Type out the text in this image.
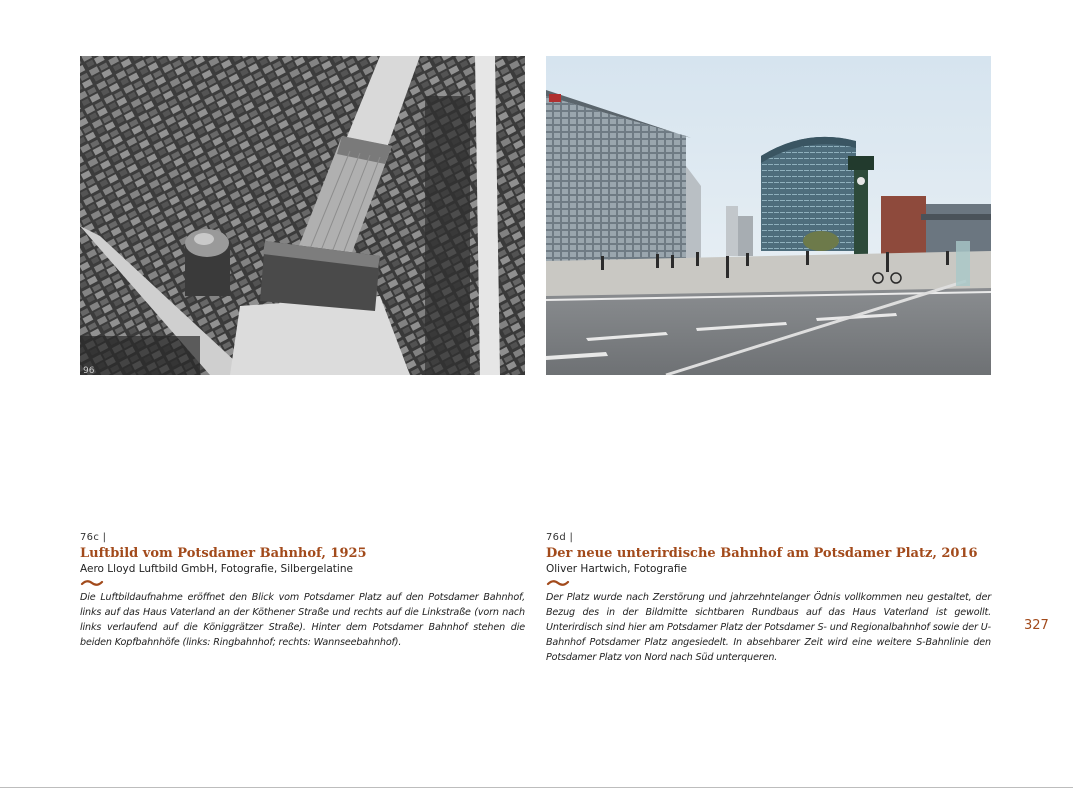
96
76c |
Luftbild vom Potsdamer Bahnhof, 1925
Aero Lloyd Luftbild GmbH, Fotografie, Silbergelatine
Die Luftbildaufnahme eröffnet den Blick vom Potsdamer Platz auf den Potsdamer Bahnhof, links auf das Haus Vaterland an der Köthener Straße und rechts auf die Linkstraße (vorn nach links verlaufend auf die Königgrätzer Straße). Hinter dem Potsdamer Bahnhof stehen die beiden Kopfbahnhöfe (links: Ringbahnhof; rechts: Wannseebahnhof).
76d |
Der neue unterirdische Bahnhof am Potsdamer Platz, 2016
Oliver Hartwich, Fotografie
Der Platz wurde nach Zerstörung und jahrzehntelanger Ödnis vollkommen neu gestaltet, der Bezug des in der Bildmitte sichtbaren Rundbaus auf das Haus Vaterland ist gewollt. Unterirdisch sind hier am Potsdamer Platz der Potsdamer S- und Regionalbahnhof sowie der U-Bahnhof Potsdamer Platz angesiedelt. In absehbarer Zeit wird eine weitere S-Bahnlinie den Potsdamer Platz von Nord nach Süd unterqueren.
327
